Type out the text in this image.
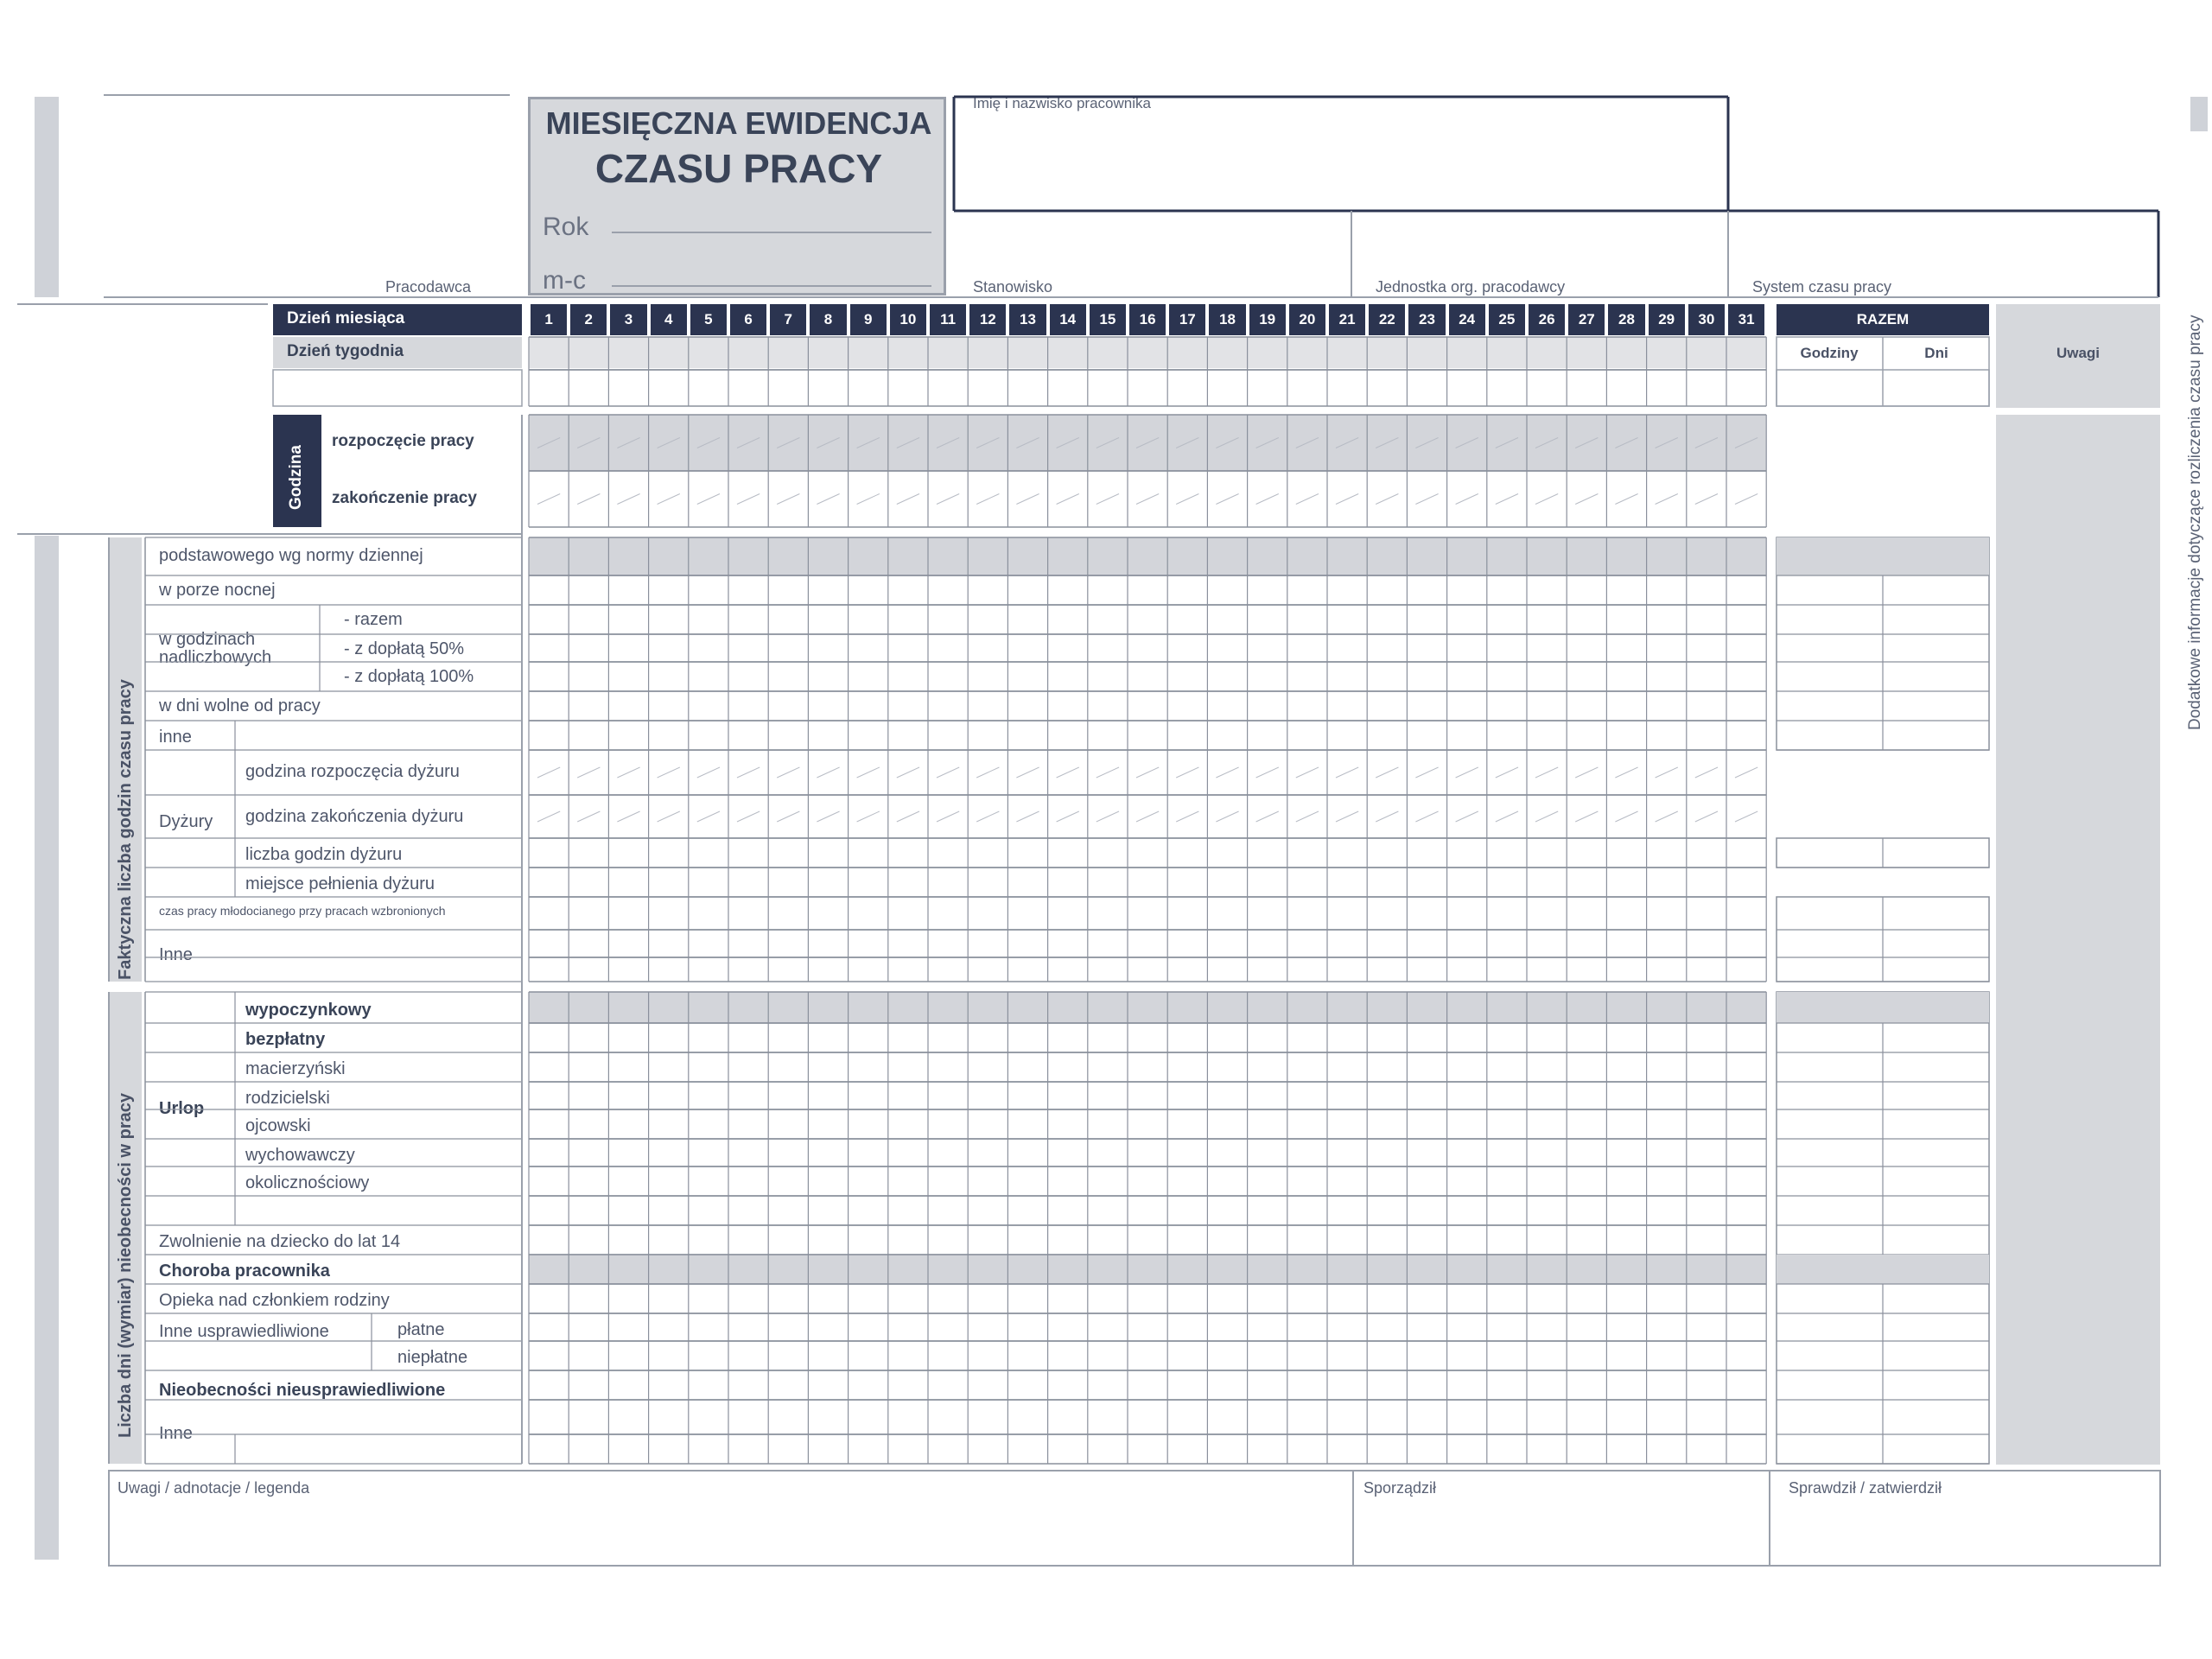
MIESIĘCZNA EWIDENCJA
CZASU PRACY
Rok
m-c
Pracodawca
Imię i nazwisko pracownika
Stanowisko	Jednostka org. pracodawcy	System czasu pracy
Dodatkowe informacje dotyczące rozliczenia czasu pracy
Dzień miesiąca
Dzień tygodnia
1	2	3	4	5	6	7	8	9	10	11	12	13	14	15	16	17	18	19	20	21	22	23	24	25	26	27	28	29	30	31	RAZEM
Godziny	Dni	Uwagi
Godzina
rozpoczęcie pracy
zakończenie pracy
Faktyczna liczba godzin czasu pracy
Liczba dni (wymiar) nieobecności w pracy
podstawowego wg normy dziennej
w porze nocnej
w godzinach nadliczbowych
- razem
- z dopłatą 50%
- z dopłatą 100%
w dni wolne od pracy
inne
Dyżury
godzina rozpoczęcia dyżuru
godzina zakończenia dyżuru
liczba godzin dyżuru
miejsce pełnienia dyżuru
czas pracy młodocianego przy pracach wzbronionych
Inne
Urlop
wypoczynkowy
bezpłatny
macierzyński
rodzicielski
ojcowski
wychowawczy
okolicznościowy
Zwolnienie na dziecko do lat 14
Choroba pracownika
Opieka nad członkiem rodziny
Inne usprawiedliwione	płatne
niepłatne
Nieobecności nieusprawiedliwione
Inne
Uwagi / adnotacje / legenda	Sporządził	Sprawdził / zatwierdził
